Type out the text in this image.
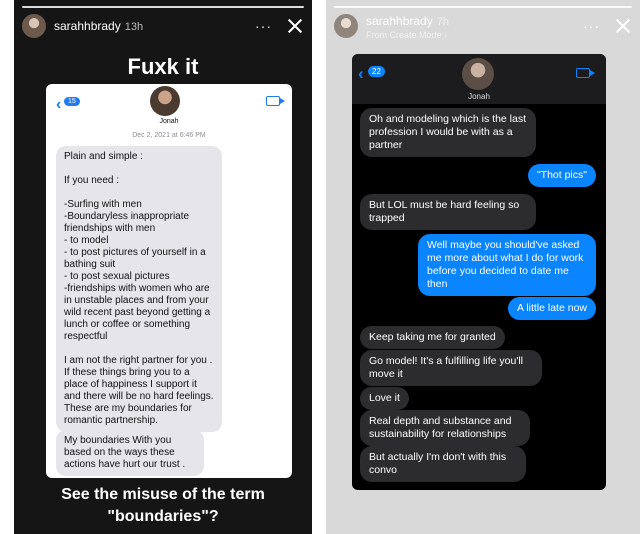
sarahhbrady 13h	···
Fuxk it
‹ 15
Jonah
Dec 2, 2021 at 6:46 PM
Plain and simple :

If you need :

-Surfing with men
-Boundaryless inappropriate friendships with men
- to model
- to post pictures of yourself in a bathing suit
- to post sexual pictures
-friendships with women who are in unstable places and from your wild recent past beyond getting a lunch or coffee or something respectful

I am not the right partner for you . If these things bring you to a place of happiness I support it and there will be no hard feelings. These are my boundaries for romantic partnership.
My boundaries With you based on the ways these actions have hurt our trust .
See the misuse of the term "boundaries"?
sarahhbrady 7h
From Create Mode ›
···
‹	22
Jonah
Oh and modeling which is the last profession I would be with as a partner
"Thot pics"
But LOL must be hard feeling so trapped
Well maybe you should've asked me more about what I do for work before you decided to date me then
A little late now
Keep taking me for granted
Go model! It's a fulfilling life you'll move it
Love it
Real depth and substance and sustainability for relationships
But actually I'm don't with this convo
